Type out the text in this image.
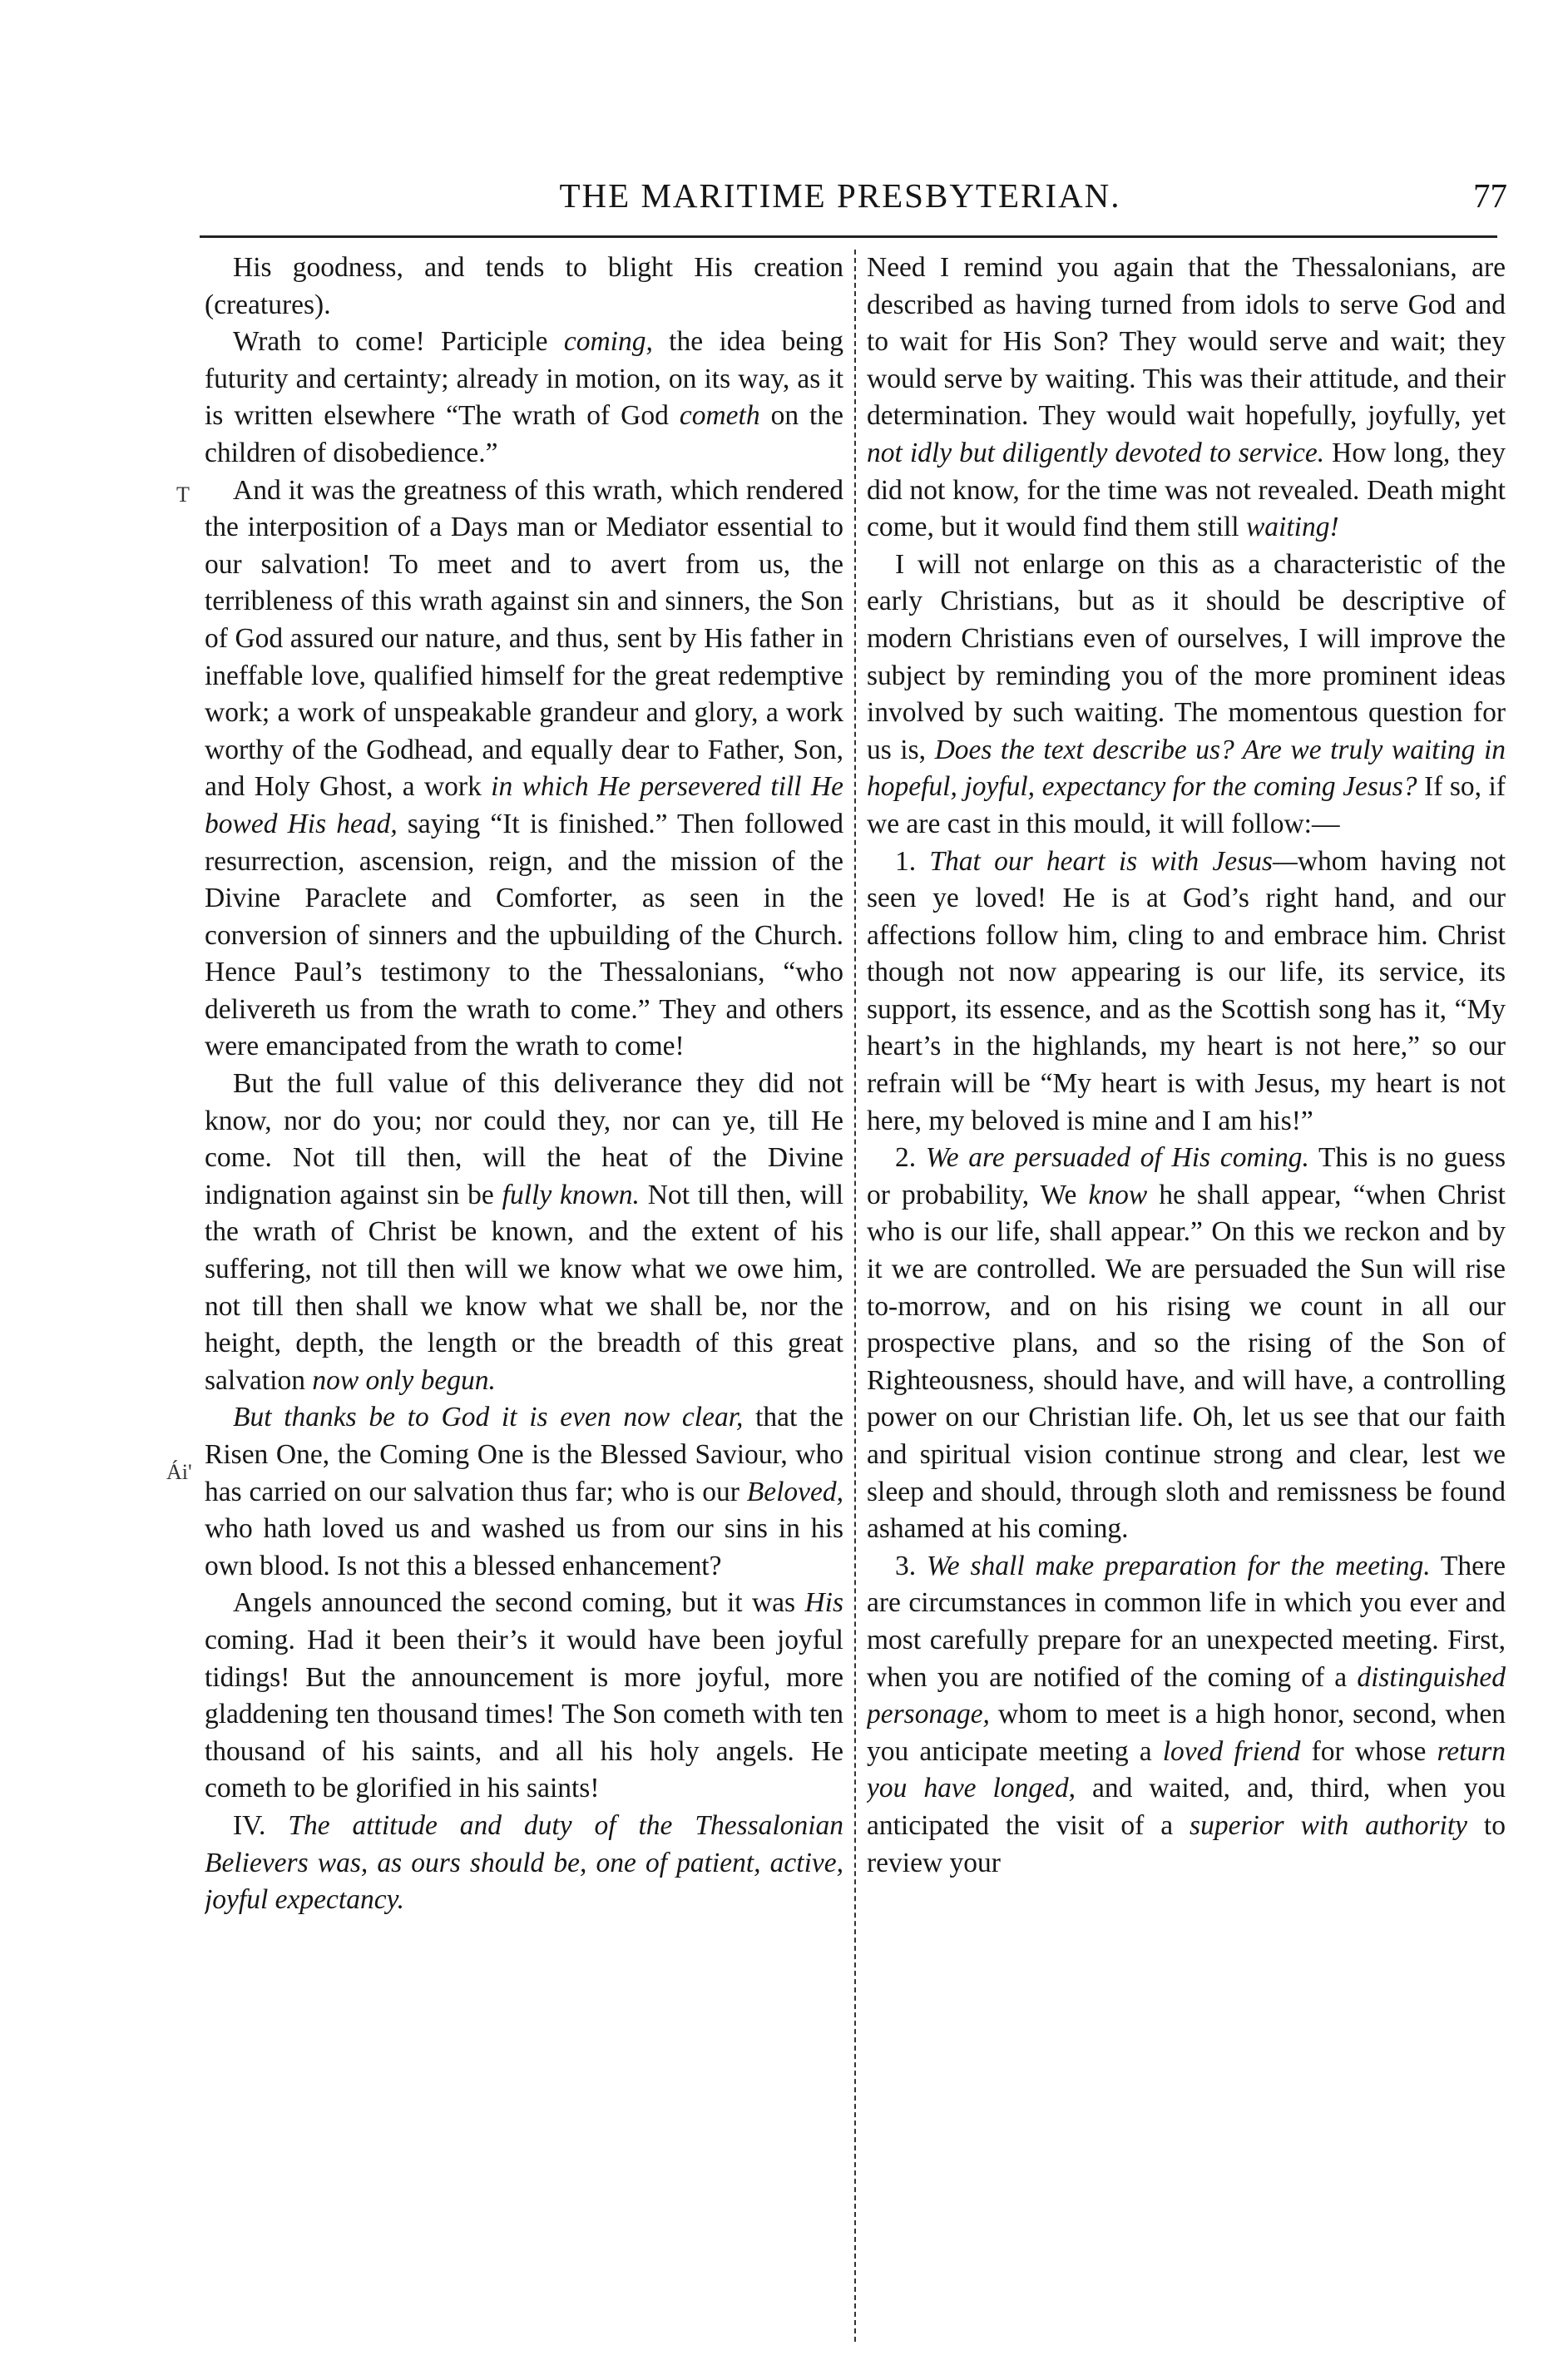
THE MARITIME PRESBYTERIAN.	77
T
Ái'

His goodness, and tends to blight His creation (creatures).

Wrath to come! Participle coming, the idea being futurity and certainty; already in motion, on its way, as it is written elsewhere “The wrath of God cometh on the children of disobedience.”

And it was the greatness of this wrath, which rendered the interposition of a Days man or Mediator essential to our salvation! To meet and to avert from us, the terribleness of this wrath against sin and sinners, the Son of God assured our nature, and thus, sent by His father in ineffable love, qualified himself for the great redemptive work; a work of unspeakable grandeur and glory, a work worthy of the Godhead, and equally dear to Father, Son, and Holy Ghost, a work in which He persevered till He bowed His head, saying “It is finished.” Then followed resurrection, ascension, reign, and the mission of the Divine Paraclete and Comforter, as seen in the conversion of sinners and the upbuilding of the Church. Hence Paul’s testimony to the Thessalonians, “who delivereth us from the wrath to come.” They and others were emancipated from the wrath to come!

But the full value of this deliverance they did not know, nor do you; nor could they, nor can ye, till He come. Not till then, will the heat of the Divine indignation against sin be fully known. Not till then, will the wrath of Christ be known, and the extent of his suffering, not till then will we know what we owe him, not till then shall we know what we shall be, nor the height, depth, the length or the breadth of this great salvation now only begun.

But thanks be to God it is even now clear, that the Risen One, the Coming One is the Blessed Saviour, who has carried on our salvation thus far; who is our Beloved, who hath loved us and washed us from our sins in his own blood. Is not this a blessed enhancement?

Angels announced the second coming, but it was His coming. Had it been their’s it would have been joyful tidings! But the announcement is more joyful, more gladdening ten thousand times! The Son cometh with ten thousand of his saints, and all his holy angels. He cometh to be glorified in his saints!

IV. The attitude and duty of the Thessalonian Believers was, as ours should be, one of patient, active, joyful expectancy.

Need I remind you again that the Thessalonians, are described as having turned from idols to serve God and to wait for His Son? They would serve and wait; they would serve by waiting. This was their attitude, and their determination. They would wait hopefully, joyfully, yet not idly but diligently devoted to service. How long, they did not know, for the time was not revealed. Death might come, but it would find them still waiting!

I will not enlarge on this as a characteristic of the early Christians, but as it should be descriptive of modern Christians even of ourselves, I will improve the subject by reminding you of the more prominent ideas involved by such waiting. The momentous question for us is, Does the text describe us? Are we truly waiting in hopeful, joyful, expectancy for the coming Jesus? If so, if we are cast in this mould, it will follow:—

1. That our heart is with Jesus—whom having not seen ye loved! He is at God’s right hand, and our affections follow him, cling to and embrace him. Christ though not now appearing is our life, its service, its support, its essence, and as the Scottish song has it, “My heart’s in the highlands, my heart is not here,” so our refrain will be “My heart is with Jesus, my heart is not here, my beloved is mine and I am his!”

2. We are persuaded of His coming. This is no guess or probability, We know he shall appear, “when Christ who is our life, shall appear.” On this we reckon and by it we are controlled. We are persuaded the Sun will rise to-morrow, and on his rising we count in all our prospective plans, and so the rising of the Son of Righteousness, should have, and will have, a controlling power on our Christian life. Oh, let us see that our faith and spiritual vision continue strong and clear, lest we sleep and should, through sloth and remissness be found ashamed at his coming.

3. We shall make preparation for the meeting. There are circumstances in common life in which you ever and most carefully prepare for an unexpected meeting. First, when you are notified of the coming of a distinguished personage, whom to meet is a high honor, second, when you anticipate meeting a loved friend for whose return you have longed, and waited, and, third, when you anticipated the visit of a superior with authority to review your
